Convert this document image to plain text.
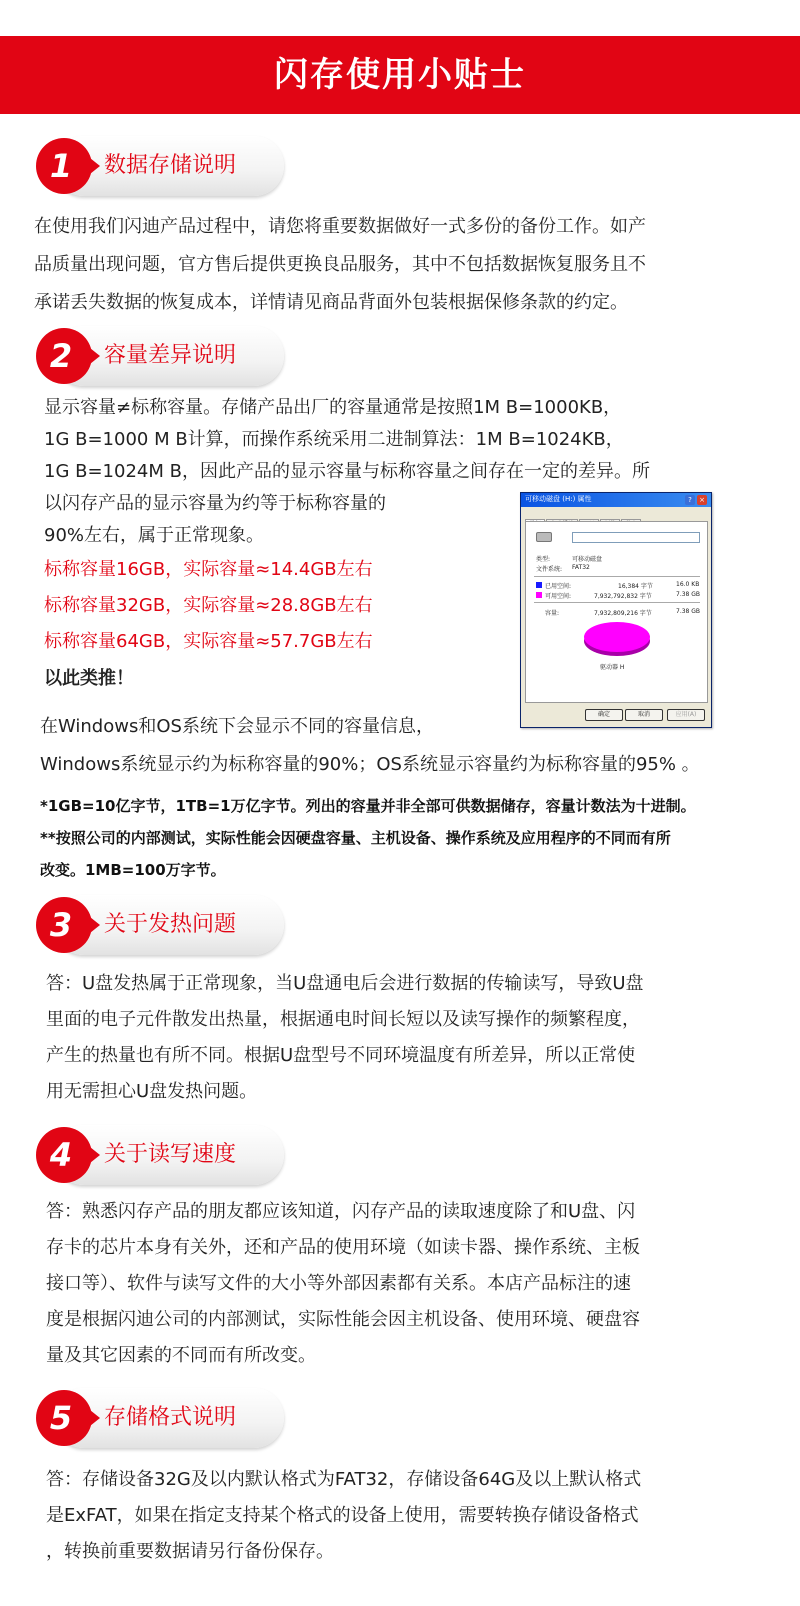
闪存使用小贴士
1	数据存储说明
在使用我们闪迪产品过程中，请您将重要数据做好一式多份的备份工作。如产
品质量出现问题，官方售后提供更换良品服务，其中不包括数据恢复服务且不
承诺丢失数据的恢复成本，详情请见商品背面外包装根据保修条款的约定。
2	容量差异说明
显示容量≠标称容量。存储产品出厂的容量通常是按照1M B=1000KB，
1G B=1000 M B计算，而操作系统采用二进制算法：1M B=1024KB，
1G B=1024M B，因此产品的显示容量与标称容量之间存在一定的差异。所
以闪存产品的显示容量为约等于标称容量的
90%左右，属于正常现象。
标称容量16GB，实际容量≈14.4GB左右
标称容量32GB，实际容量≈28.8GB左右
标称容量64GB，实际容量≈57.7GB左右
以此类推！
在Windows和OS系统下会显示不同的容量信息，
Windows系统显示约为标称容量的90%；OS系统显示容量约为标称容量的95% 。
*1GB=10亿字节，1TB=1万亿字节。列出的容量并非全部可供数据储存，容量计数法为十进制。
**按照公司的内部测试，实际性能会因硬盘容量、主机设备、操作系统及应用程序的不同而有所
改变。1MB=100万字节。
可移动磁盘 (H:) 属性	?	×
类型:	可移动磁盘
文件系统: FAT32
已用空间:	16,384 字节	16.0 KB
可用空间:	7,932,792,832 字节	7.38 GB
容量:	7,932,809,216 字节	7.38 GB
驱动器 H
确定	取消	应用(A)
3	关于发热问题
答：U盘发热属于正常现象，当U盘通电后会进行数据的传输读写，导致U盘
里面的电子元件散发出热量，根据通电时间长短以及读写操作的频繁程度，
产生的热量也有所不同。根据U盘型号不同环境温度有所差异，所以正常使
用无需担心U盘发热问题。
4	关于读写速度
答：熟悉闪存产品的朋友都应该知道，闪存产品的读取速度除了和U盘、闪
存卡的芯片本身有关外，还和产品的使用环境（如读卡器、操作系统、主板
接口等）、软件与读写文件的大小等外部因素都有关系。本店产品标注的速
度是根据闪迪公司的内部测试，实际性能会因主机设备、使用环境、硬盘容
量及其它因素的不同而有所改变。
5	存储格式说明
答：存储设备32G及以内默认格式为FAT32，存储设备64G及以上默认格式
是ExFAT，如果在指定支持某个格式的设备上使用，需要转换存储设备格式
，转换前重要数据请另行备份保存。
